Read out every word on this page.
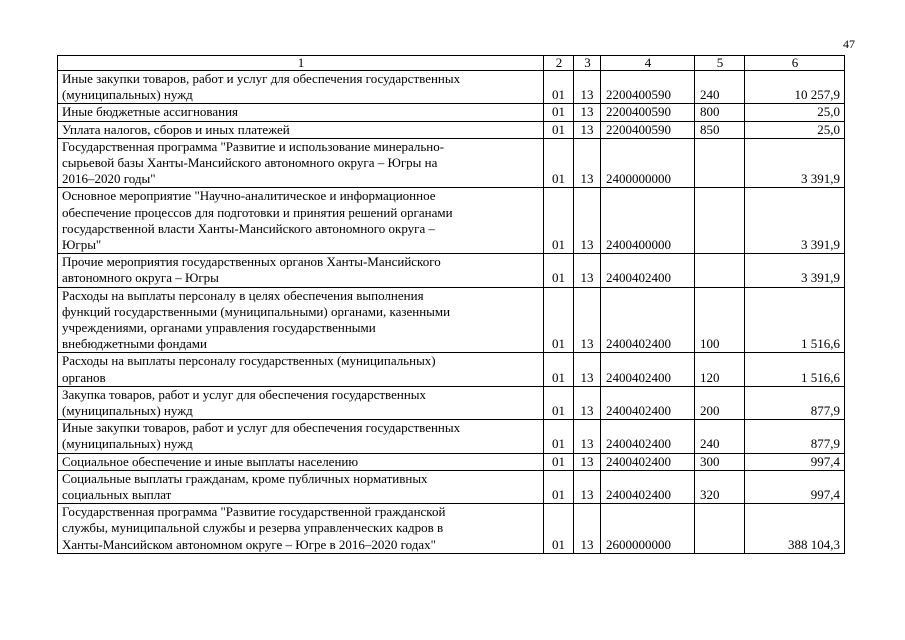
47
1	2	3	4	5	6

Иные закупки товаров, работ и услуг для обеспечения государственных
(муниципальных) нужд	01	13	2200400590	240	10 257,9

Иные бюджетные ассигнования	01	13	2200400590	800	25,0

Уплата налогов, сборов и иных платежей	01	13	2200400590	850	25,0

Государственная программа "Развитие и использование минерально-
сырьевой базы Ханты-Мансийского автономного округа – Югры на
2016–2020 годы"	01	13	2400000000		3 391,9

Основное мероприятие "Научно-аналитическое и информационное
обеспечение процессов для подготовки и принятия решений органами
государственной власти Ханты-Мансийского автономного округа –
Югры"	01	13	2400400000		3 391,9

Прочие мероприятия государственных органов Ханты-Мансийского
автономного округа – Югры	01	13	2400402400		3 391,9

Расходы на выплаты персоналу в целях обеспечения выполнения
функций государственными (муниципальными) органами, казенными
учреждениями, органами управления государственными
внебюджетными фондами	01	13	2400402400	100	1 516,6

Расходы на выплаты персоналу государственных (муниципальных)
органов	01	13	2400402400	120	1 516,6

Закупка товаров, работ и услуг для обеспечения государственных
(муниципальных) нужд	01	13	2400402400	200	877,9

Иные закупки товаров, работ и услуг для обеспечения государственных
(муниципальных) нужд	01	13	2400402400	240	877,9

Социальное обеспечение и иные выплаты населению	01	13	2400402400	300	997,4

Социальные выплаты гражданам, кроме публичных нормативных
социальных выплат	01	13	2400402400	320	997,4

Государственная программа "Развитие государственной гражданской
службы, муниципальной службы и резерва управленческих кадров в
Ханты-Мансийском автономном округе – Югре в 2016–2020 годах"	01	13	2600000000		388 104,3
